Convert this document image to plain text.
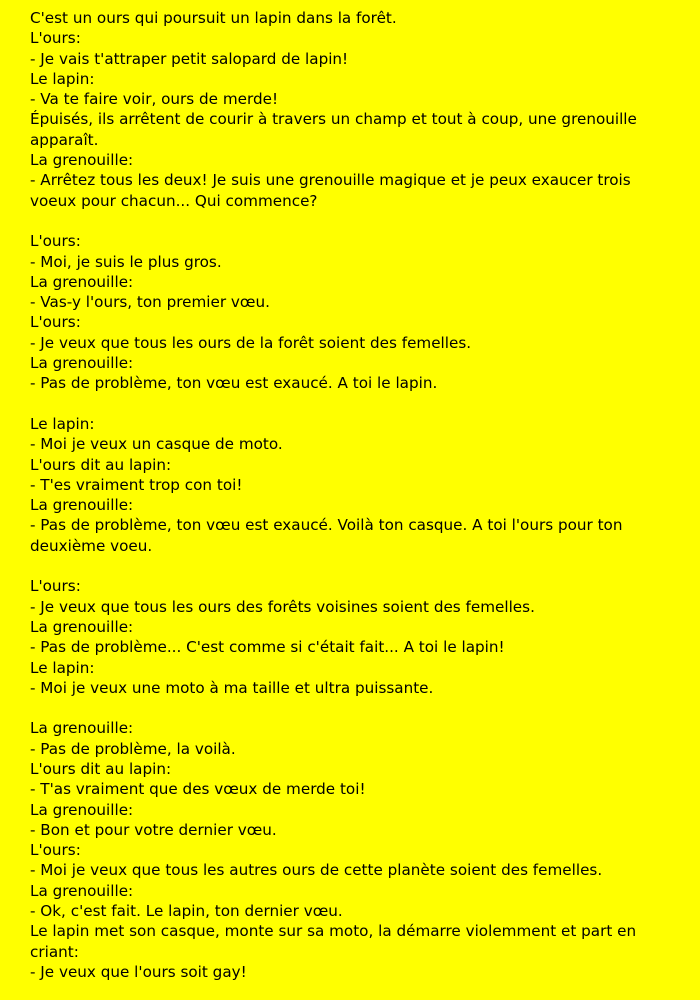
C'est un ours qui poursuit un lapin dans la forêt.
L'ours:
- Je vais t'attraper petit salopard de lapin!
Le lapin:
- Va te faire voir, ours de merde!
Épuisés, ils arrêtent de courir à travers un champ et tout à coup, une grenouille apparaît.
La grenouille:
- Arrêtez tous les deux! Je suis une grenouille magique et je peux exaucer trois voeux pour chacun... Qui commence?
L'ours:
- Moi, je suis le plus gros.
La grenouille:
- Vas-y l'ours, ton premier vœu.
L'ours:
- Je veux que tous les ours de la forêt soient des femelles.
La grenouille:
- Pas de problème, ton vœu est exaucé. A toi le lapin.
Le lapin:
- Moi je veux un casque de moto.
L'ours dit au lapin:
- T'es vraiment trop con toi!
La grenouille:
- Pas de problème, ton vœu est exaucé. Voilà ton casque. A toi l'ours pour ton deuxième voeu.
L'ours:
- Je veux que tous les ours des forêts voisines soient des femelles.
La grenouille:
- Pas de problème... C'est comme si c'était fait... A toi le lapin!
Le lapin:
- Moi je veux une moto à ma taille et ultra puissante.
La grenouille:
- Pas de problème, la voilà.
L'ours dit au lapin:
- T'as vraiment que des vœux de merde toi!
La grenouille:
- Bon et pour votre dernier vœu.
L'ours:
- Moi je veux que tous les autres ours de cette planète soient des femelles.
La grenouille:
- Ok, c'est fait. Le lapin, ton dernier vœu.
Le lapin met son casque, monte sur sa moto, la démarre violemment et part en criant:
- Je veux que l'ours soit gay!
